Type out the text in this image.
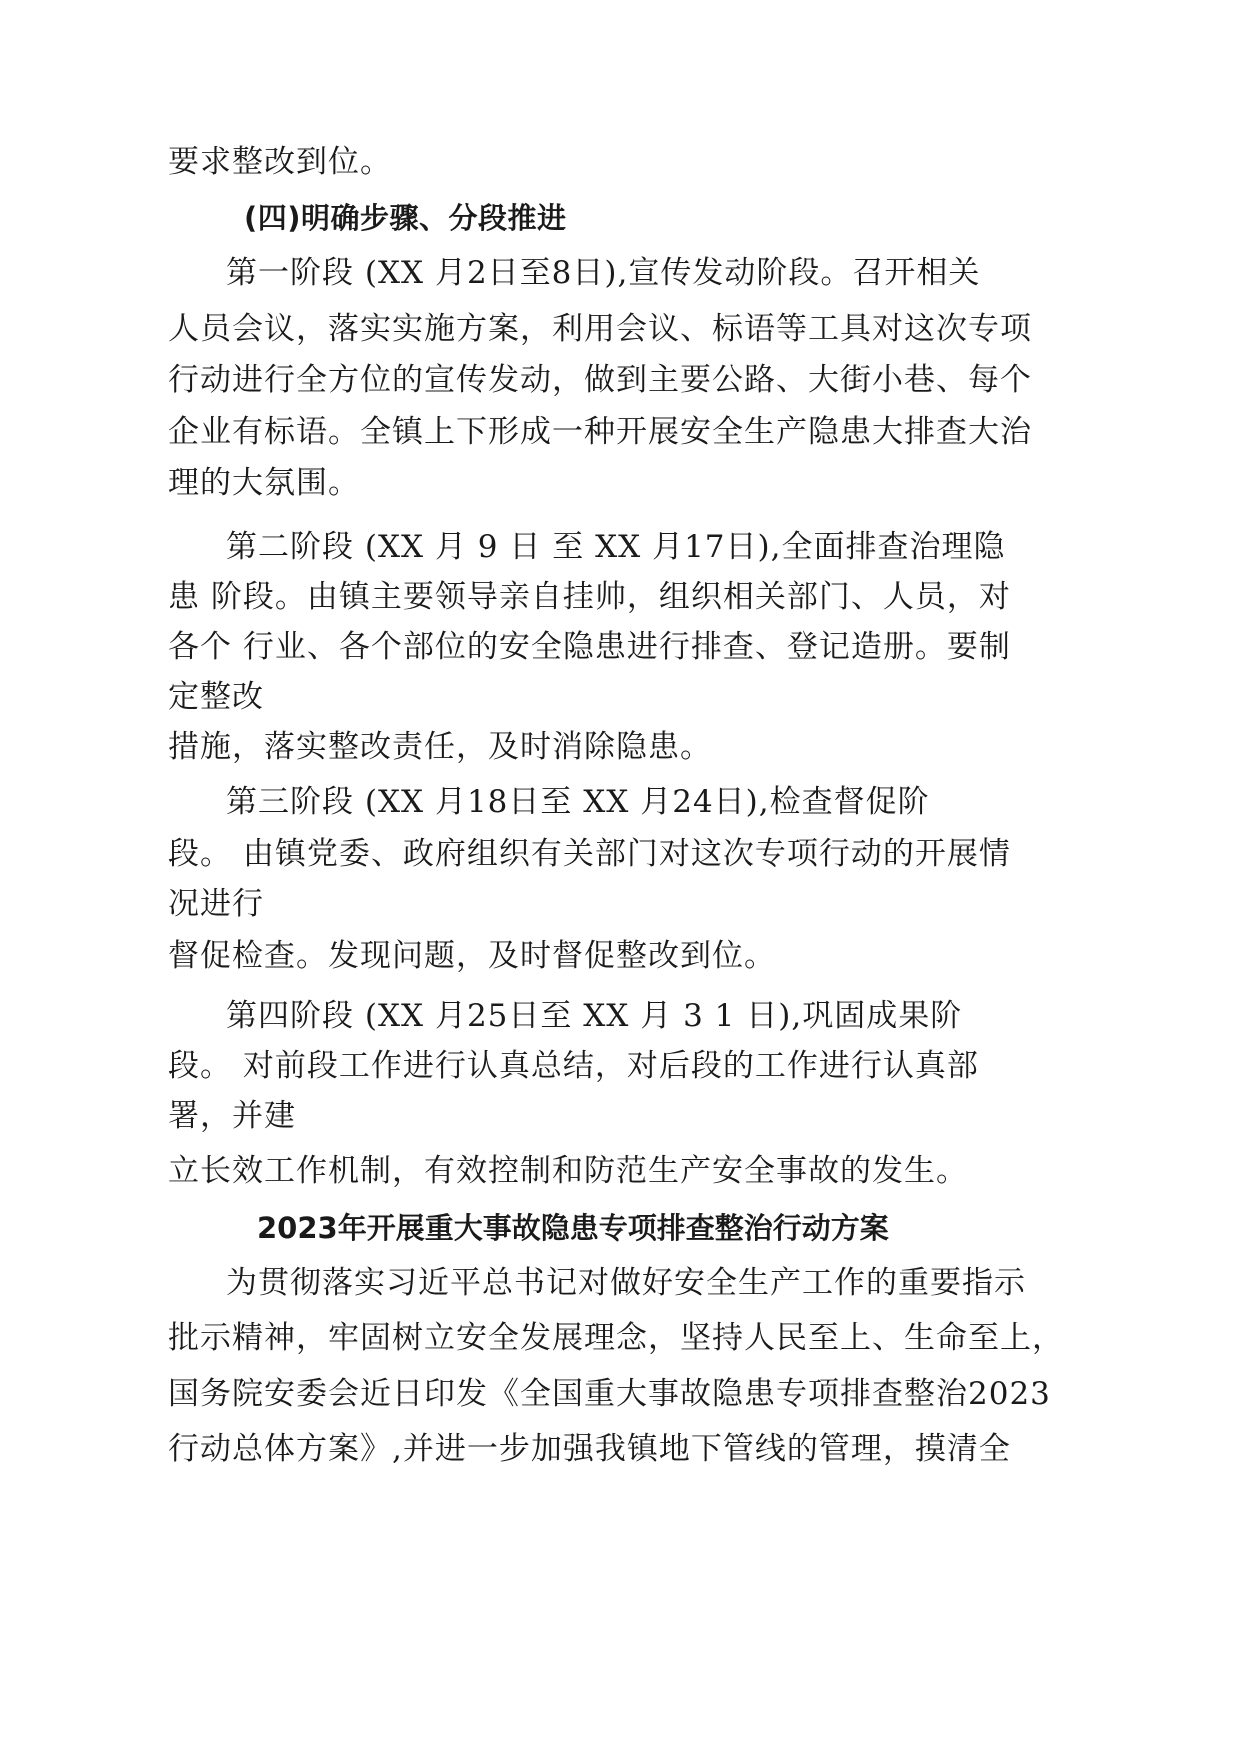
要求整改到位。
(四)明确步骤、分段推进
第一阶段 (XX 月2日至8日),宣传发动阶段。召开相关
人员会议，落实实施方案，利用会议、标语等工具对这次专项
行动进行全方位的宣传发动，做到主要公路、大街小巷、每个
企业有标语。全镇上下形成一种开展安全生产隐患大排查大治
理的大氛围。
第二阶段 (XX 月 9 日 至 XX 月17日),全面排查治理隐
患 阶段。由镇主要领导亲自挂帅，组织相关部门、人员，对
各个 行业、各个部位的安全隐患进行排查、登记造册。要制
定整改
措施，落实整改责任，及时消除隐患。
第三阶段 (XX 月18日至 XX 月24日),检查督促阶
段。 由镇党委、政府组织有关部门对这次专项行动的开展情
况进行
督促检查。发现问题，及时督促整改到位。
第四阶段 (XX 月25日至 XX 月 3 1 日),巩固成果阶
段。 对前段工作进行认真总结，对后段的工作进行认真部
署，并建
立长效工作机制，有效控制和防范生产安全事故的发生。
2023年开展重大事故隐患专项排查整治行动方案
为贯彻落实习近平总书记对做好安全生产工作的重要指示
批示精神，牢固树立安全发展理念，坚持人民至上、生命至上，
国务院安委会近日印发《全国重大事故隐患专项排查整治2023
行动总体方案》,并进一步加强我镇地下管线的管理，摸清全
